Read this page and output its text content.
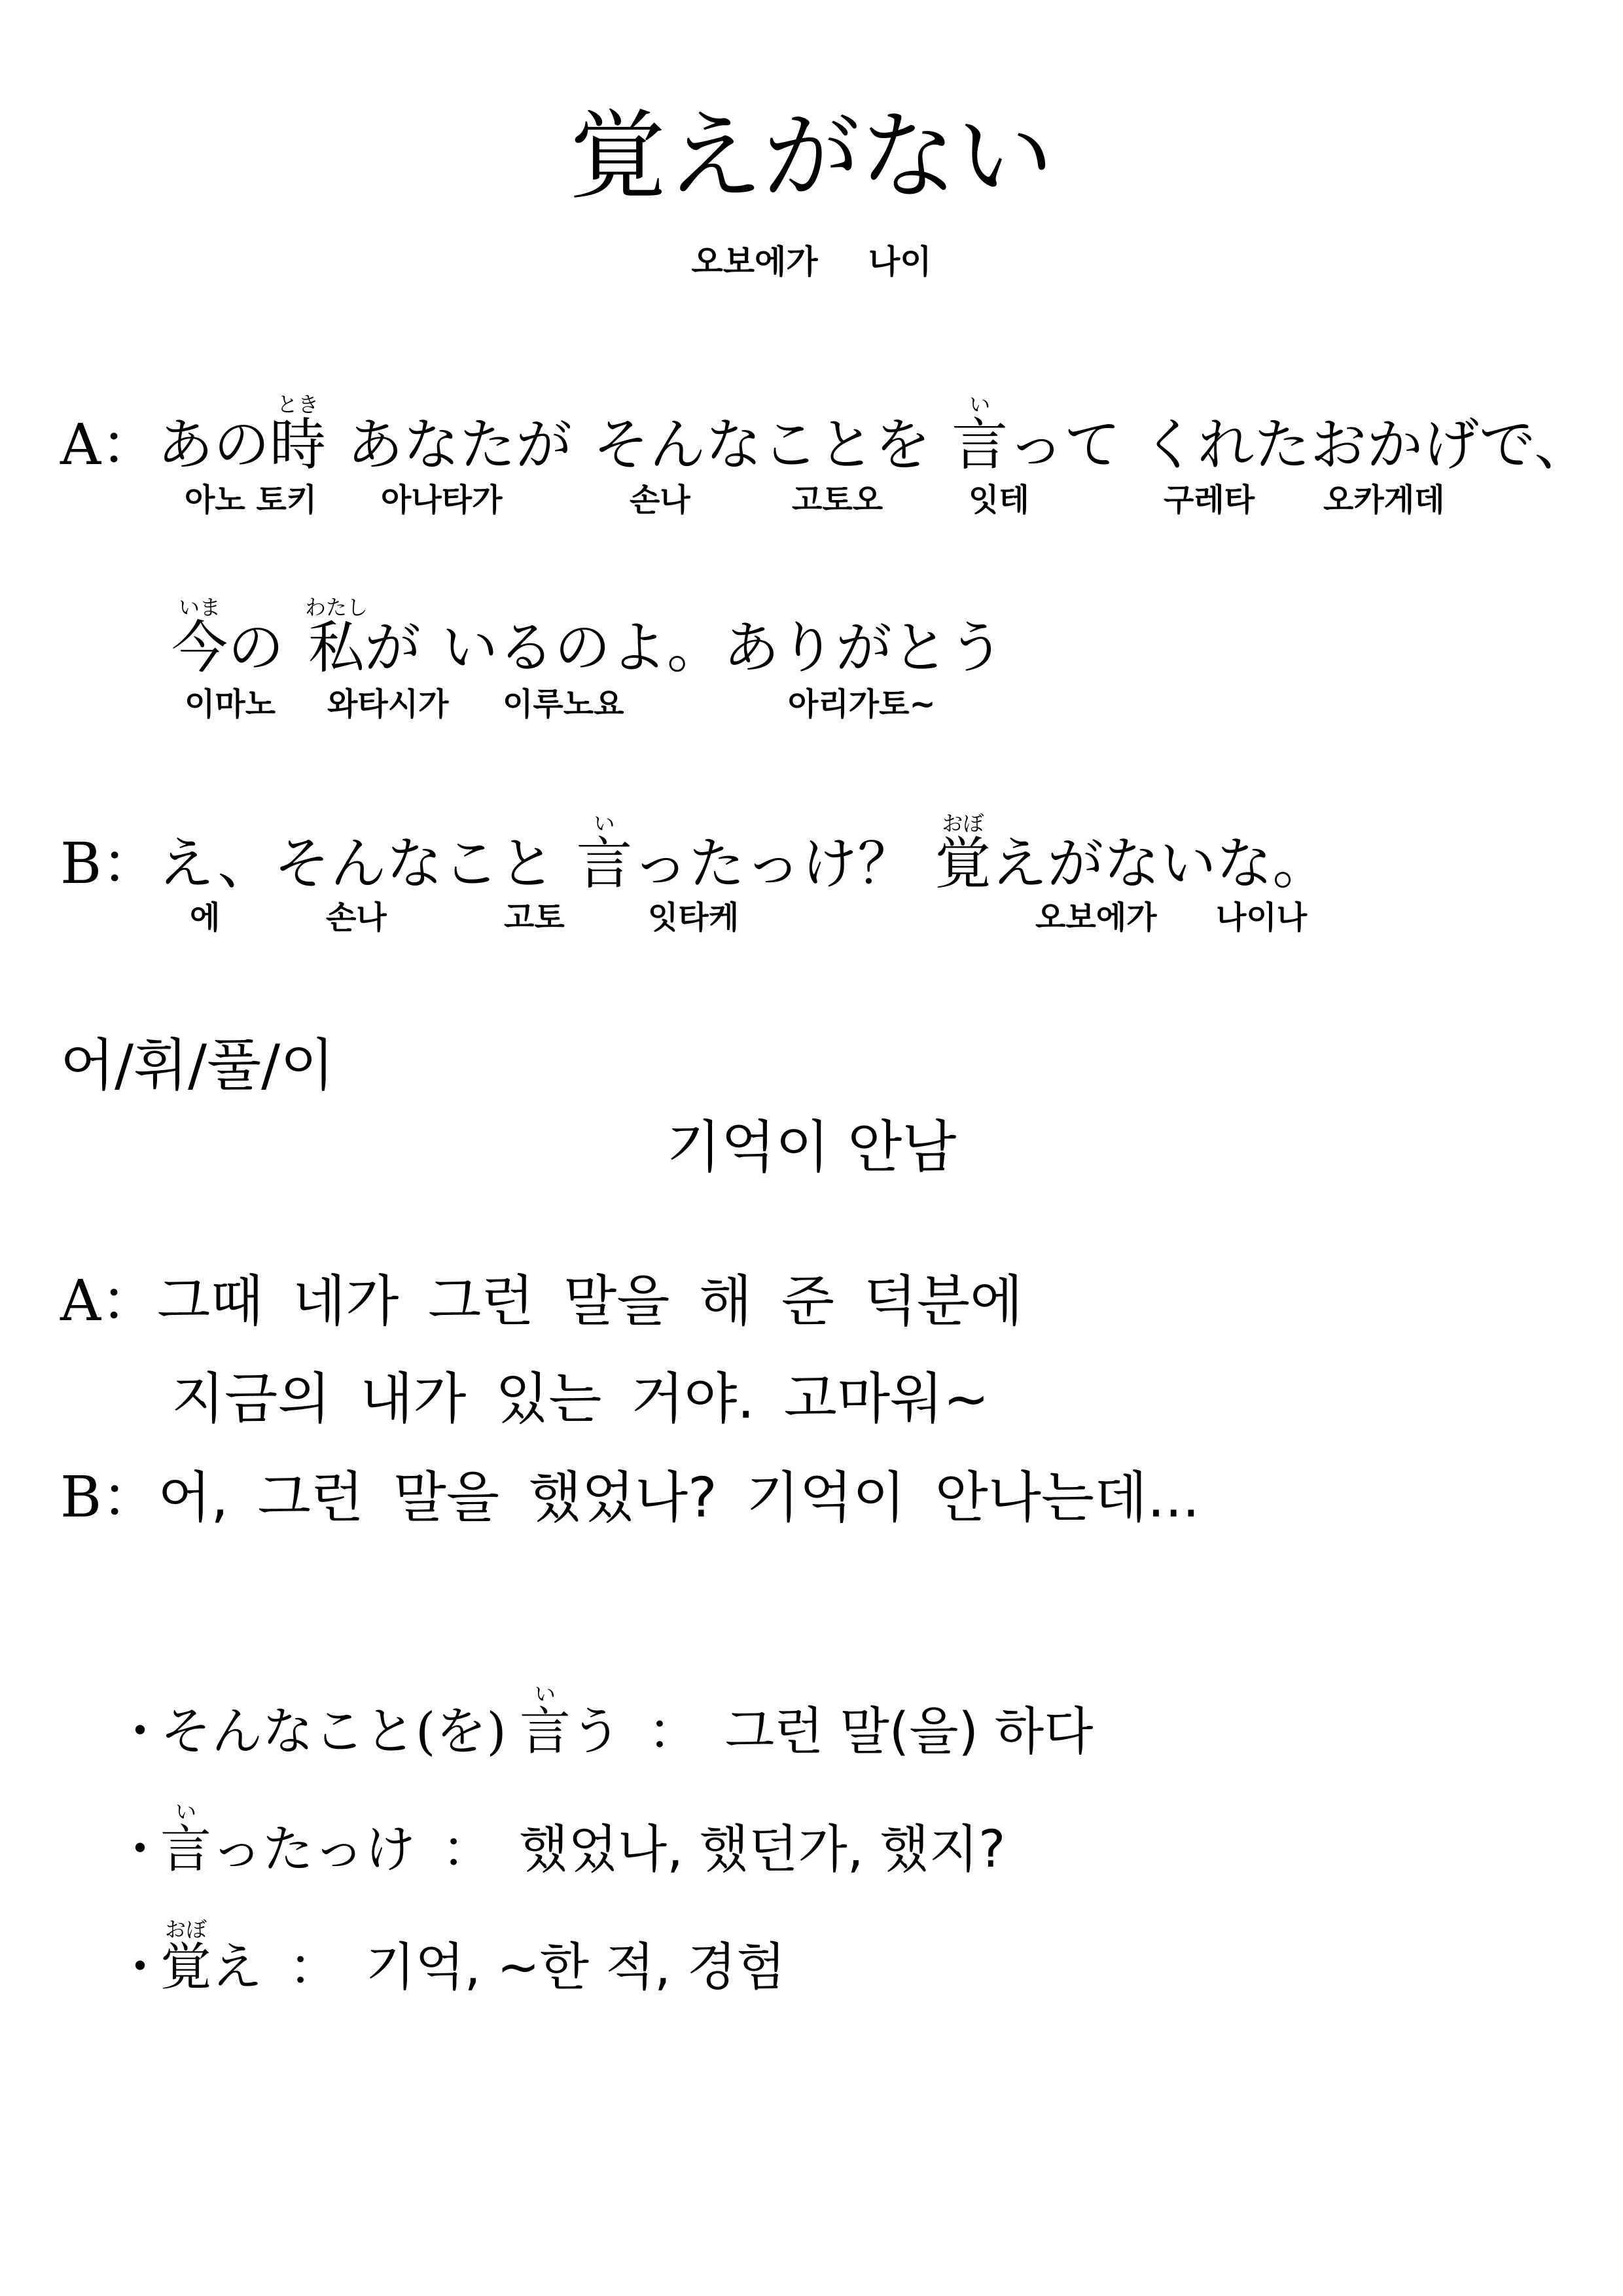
覚えがない
오보에가 나이
A：あの時ときあなたが そんなことを 言いって くれたおかげで、
아노 토키 아나타가	손나	고토오	잇테	구레타 오카게데
今いまの 私わたしが いるのよ。ありがとう
이마노 와타시가 이루노요	아리가토~
B：え、そんなこと 言いったっけ？ 覚おぼえがないな。
에	손나	고토	잇타케	오보에가 나이나
어/휘/풀/이
기억이 안남
A：그때 네가 그런 말을 해 준 덕분에
지금의 내가 있는 거야. 고마워~
B：어, 그런 말을 했었나? 기억이 안나는데...
・そんなこと(を) 言いう ： 그런 말(을) 하다
・言いったっけ ： 했었나, 했던가, 했지?
・覚おぼえ ： 기억, ~한 적, 경험
